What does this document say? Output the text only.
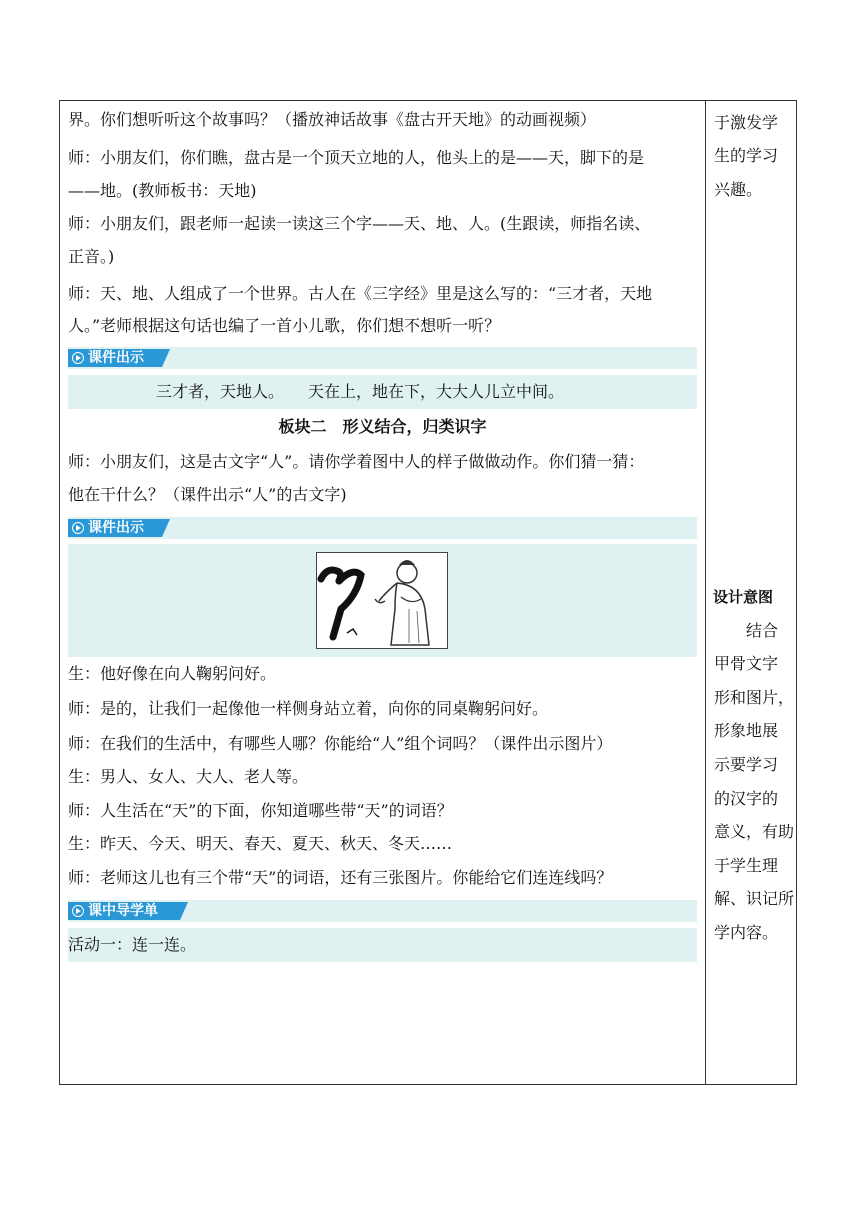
界。你们想听听这个故事吗？（播放神话故事《盘古开天地》的动画视频）
师：小朋友们，你们瞧，盘古是一个顶天立地的人，他头上的是——天，脚下的是
——地。(教师板书：天地)
师：小朋友们，跟老师一起读一读这三个字——天、地、人。(生跟读，师指名读、
正音。)
师：天、地、人组成了一个世界。古人在《三字经》里是这么写的：“三才者，天地
人。”老师根据这句话也编了一首小儿歌，你们想不想听一听？
课件出示
三才者，天地人。　　天在上，地在下，大大人儿立中间。
板块二　形义结合，归类识字
师：小朋友们，这是古文字“人”。请你学着图中人的样子做做动作。你们猜一猜：
他在干什么？（课件出示“人”的古文字)
课件出示
生：他好像在向人鞠躬问好。
师：是的，让我们一起像他一样侧身站立着，向你的同桌鞠躬问好。
师：在我们的生活中，有哪些人哪？你能给“人”组个词吗？（课件出示图片）
生：男人、女人、大人、老人等。
师：人生活在“天”的下面，你知道哪些带“天”的词语？
生：昨天、今天、明天、春天、夏天、秋天、冬天……
师：老师这儿也有三个带“天”的词语，还有三张图片。你能给它们连连线吗？
课中导学单
活动一：连一连。
于激发学
生的学习
兴趣。
设计意图
结合
甲骨文字
形和图片，
形象地展
示要学习
的汉字的
意义，有助
于学生理
解、识记所
学内容。
